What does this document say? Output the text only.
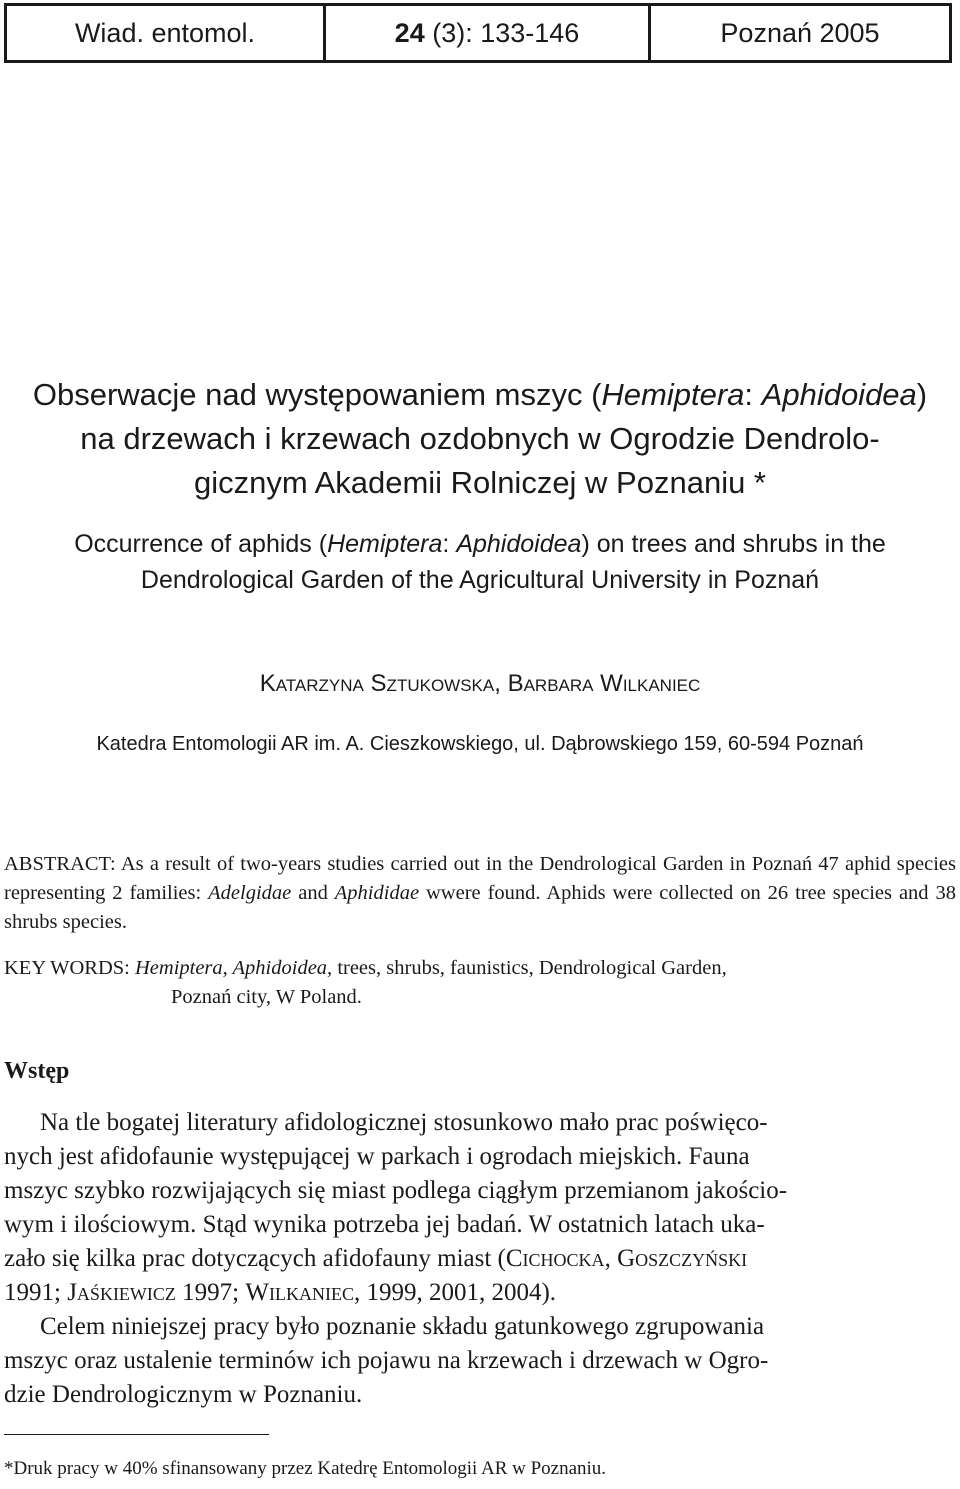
Wiad. entomol.	24 (3): 133-146	Poznań 2005
Obserwacje nad występowaniem mszyc (Hemiptera: Aphidoidea)
na drzewach i krzewach ozdobnych w Ogrodzie Dendrolo-
gicznym Akademii Rolniczej w Poznaniu *
Occurrence of aphids (Hemiptera: Aphidoidea) on trees and shrubs in the
Dendrological Garden of the Agricultural University in Poznań
Katarzyna Sztukowska, Barbara Wilkaniec
Katedra Entomologii AR im. A. Cieszkowskiego, ul. Dąbrowskiego 159, 60-594 Poznań
ABSTRACT: As a result of two-years studies carried out in the Dendrological Garden in Poznań 47 aphid species representing 2 families: Adelgidae and Aphididae wwere found. Aphids were collected on 26 tree species and 38 shrubs species.
KEY WORDS: Hemiptera, Aphidoidea, trees, shrubs, faunistics, Dendrological Garden,
Poznań city, W Poland.
Wstęp
Na tle bogatej literatury afidologicznej stosunkowo mało prac poświęco-
nych jest afidofaunie występującej w parkach i ogrodach miejskich. Fauna
mszyc szybko rozwijających się miast podlega ciągłym przemianom jakościo-
wym i ilościowym. Stąd wynika potrzeba jej badań. W ostatnich latach uka-
zało się kilka prac dotyczących afidofauny miast (Cichocka, Goszczyński
1991; Jaśkiewicz 1997; Wilkaniec, 1999, 2001, 2004).
Celem niniejszej pracy było poznanie składu gatunkowego zgrupowania
mszyc oraz ustalenie terminów ich pojawu na krzewach i drzewach w Ogro-
dzie Dendrologicznym w Poznaniu.
*Druk pracy w 40% sfinansowany przez Katedrę Entomologii AR w Poznaniu.
